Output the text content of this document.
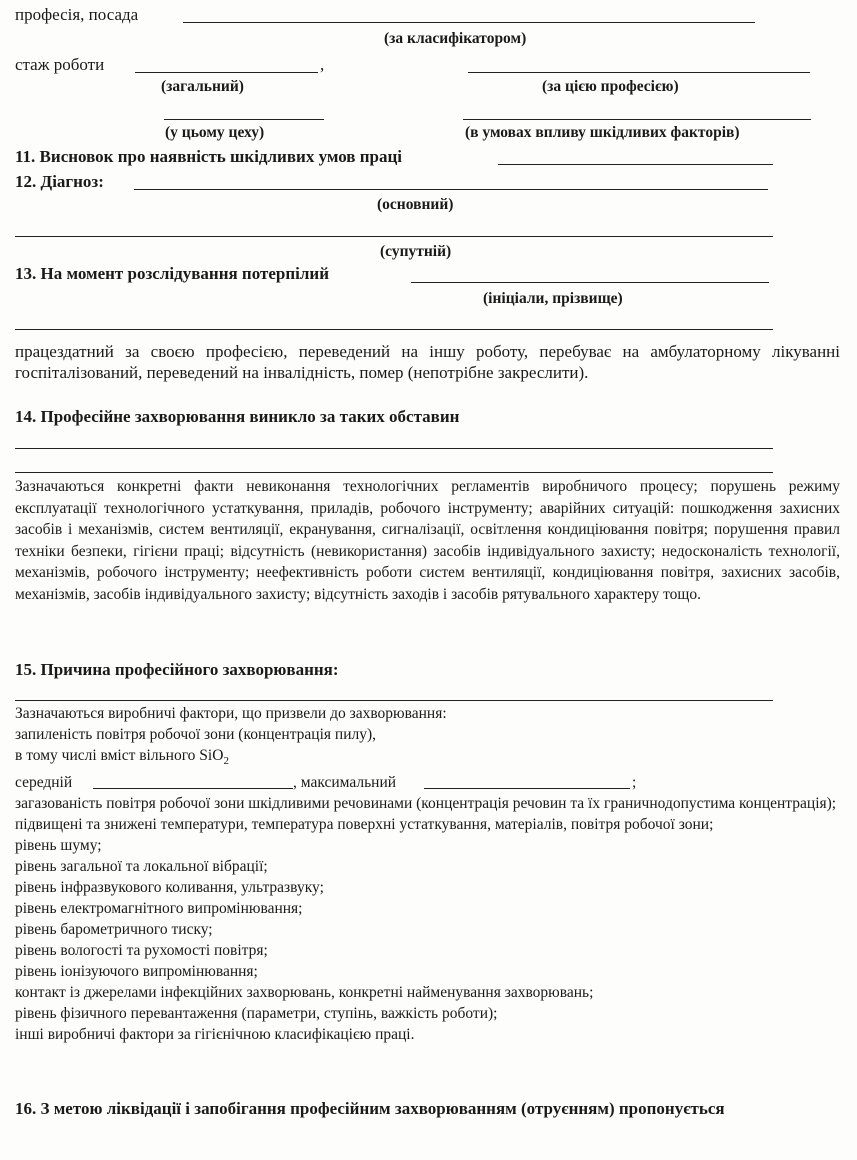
професія, посада
(за класифікатором)
стаж роботи	,
(загальний)	(за цією професією)
(у цьому цеху)	(в умовах впливу шкідливих факторів)
11. Висновок про наявність шкідливих умов праці
12. Діагноз:
(основний)
(супутній)
13. На момент розслідування потерпілий
(ініціали, прізвище)
працездатний за своєю професією, переведений на іншу роботу, перебуває на амбулаторному лікуванні госпіталізований, переведений на інвалідність, помер (непотрібне закреслити).
14. Професійне захворювання виникло за таких обставин
Зазначаються конкретні факти невиконання технологічних регламентів виробничого процесу; порушень режиму експлуатації технологічного устаткування, приладів, робочого інструменту; аварійних ситуацій: пошкодження захисних засобів і механізмів, систем вентиляції, екранування, сигналізації, освітлення кондиціювання повітря; порушення правил техніки безпеки, гігієни праці; відсутність (невикористання) засобів індивідуального захисту; недосконалість технології, механізмів, робочого інструменту; неефективність роботи систем вентиляції, кондиціювання повітря, захисних засобів, механізмів, засобів індивідуального захисту; відсутність заходів і засобів рятувального характеру тощо.
15. Причина професійного захворювання:
Зазначаються виробничі фактори, що призвели до захворювання:
запиленість повітря робочої зони (концентрація пилу),
в тому числі вміст вільного SiO$_2$
середній	, максимальний	;
загазованість повітря робочої зони шкідливими речовинами (концентрація речовин та їх граничнодопустима концентрація);
підвищені та знижені температури, температура поверхні устаткування, матеріалів, повітря робочої зони;
рівень шуму;
рівень загальної та локальної вібрації;
рівень інфразвукового коливання, ультразвуку;
рівень електромагнітного випромінювання;
рівень барометричного тиску;
рівень вологості та рухомості повітря;
рівень іонізуючого випромінювання;
контакт із джерелами інфекційних захворювань, конкретні найменування захворювань;
рівень фізичного перевантаження (параметри, ступінь, важкість роботи);
інші виробничі фактори за гігієнічною класифікацією праці.
16. З метою ліквідації і запобігання професійним захворюванням (отруєнням) пропонується
